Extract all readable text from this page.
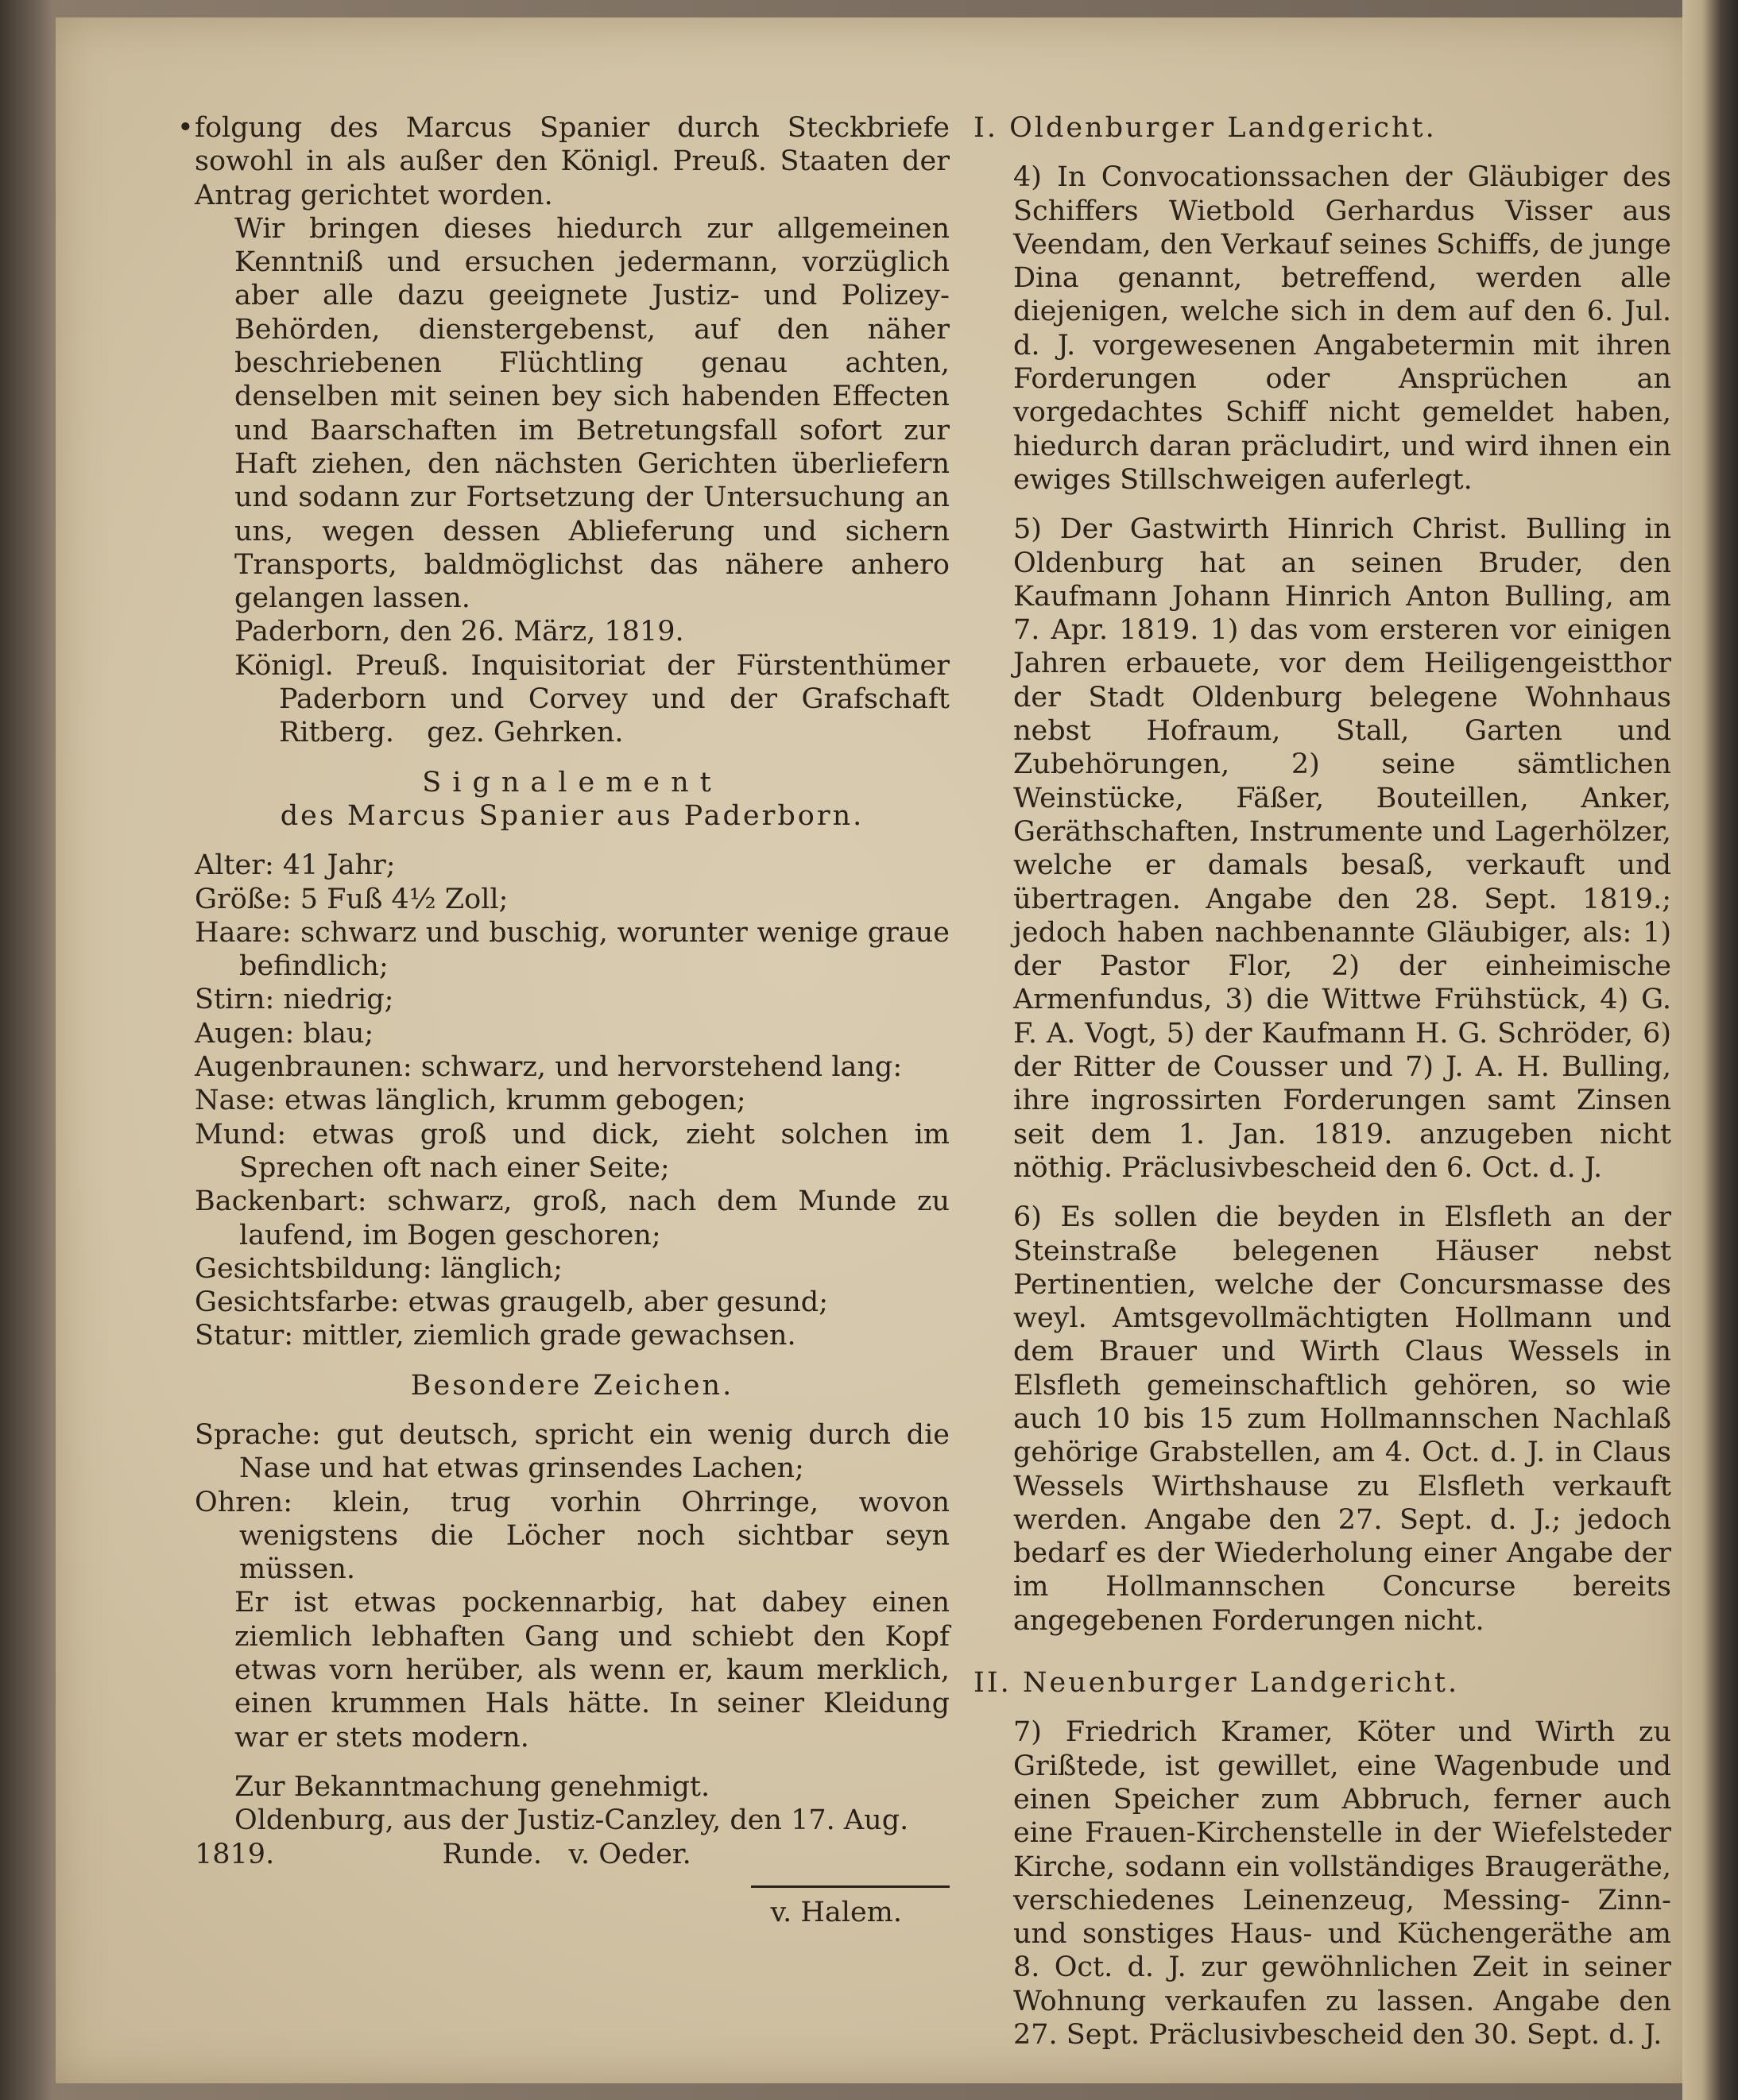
• folgung des Marcus Spanier durch Steckbriefe sowohl in als außer den Königl. Preuß. Staaten der Antrag gerichtet worden.

Wir bringen dieses hiedurch zur allgemeinen Kenntniß und ersuchen jedermann, vorzüglich aber alle dazu geeignete Justiz- und Polizey-Behörden, dienstergebenst, auf den näher beschriebenen Flüchtling genau achten, denselben mit seinen bey sich habenden Effecten und Baarschaften im Betretungsfall sofort zur Haft ziehen, den nächsten Gerichten überliefern und sodann zur Fortsetzung der Untersuchung an uns, wegen dessen Ablieferung und sichern Transports, baldmöglichst das nähere anhero gelangen lassen.

Paderborn, den 26. März, 1819.

Königl. Preuß. Inquisitoriat der Fürstenthümer Paderborn und Corvey und der Grafschaft Ritberg. gez. Gehrken.

Signalement

des Marcus Spanier aus Paderborn.

Alter: 41 Jahr;

Größe: 5 Fuß 4½ Zoll;

Haare: schwarz und buschig, worunter wenige graue befindlich;

Stirn: niedrig;

Augen: blau;

Augenbraunen: schwarz, und hervorstehend lang:

Nase: etwas länglich, krumm gebogen;

Mund: etwas groß und dick, zieht solchen im Sprechen oft nach einer Seite;

Backenbart: schwarz, groß, nach dem Munde zu laufend, im Bogen geschoren;

Gesichtsbildung: länglich;

Gesichtsfarbe: etwas graugelb, aber gesund;

Statur: mittler, ziemlich grade gewachsen.

Besondere Zeichen.

Sprache: gut deutsch, spricht ein wenig durch die Nase und hat etwas grinsendes Lachen;

Ohren: klein, trug vorhin Ohrringe, wovon wenigstens die Löcher noch sichtbar seyn müssen.

Er ist etwas pockennarbig, hat dabey einen ziemlich lebhaften Gang und schiebt den Kopf etwas vorn herüber, als wenn er, kaum merklich, einen krummen Hals hätte. In seiner Kleidung war er stets modern.

Zur Bekanntmachung genehmigt.

Oldenburg, aus der Justiz-Canzley, den 17. Aug.

1819.	Runde.   v. Oeder.

v. Halem.

I. Oldenburger Landgericht.

4) In Convocationssachen der Gläubiger des Schiffers Wietbold Gerhardus Visser aus Veendam, den Verkauf seines Schiffs, de junge Dina genannt, betreffend, werden alle diejenigen, welche sich in dem auf den 6. Jul. d. J. vorgewesenen Angabetermin mit ihren Forderungen oder Ansprüchen an vorgedachtes Schiff nicht gemeldet haben, hiedurch daran präcludirt, und wird ihnen ein ewiges Stillschweigen auferlegt.

5) Der Gastwirth Hinrich Christ. Bulling in Oldenburg hat an seinen Bruder, den Kaufmann Johann Hinrich Anton Bulling, am 7. Apr. 1819. 1) das vom ersteren vor einigen Jahren erbauete, vor dem Heiligengeistthor der Stadt Oldenburg belegene Wohnhaus nebst Hofraum, Stall, Garten und Zubehörungen, 2) seine sämtlichen Weinstücke, Fäßer, Bouteillen, Anker, Geräthschaften, Instrumente und Lagerhölzer, welche er damals besaß, verkauft und übertragen. Angabe den 28. Sept. 1819.; jedoch haben nachbenannte Gläubiger, als: 1) der Pastor Flor, 2) der einheimische Armenfundus, 3) die Wittwe Frühstück, 4) G. F. A. Vogt, 5) der Kaufmann H. G. Schröder, 6) der Ritter de Cousser und 7) J. A. H. Bulling, ihre ingrossirten Forderungen samt Zinsen seit dem 1. Jan. 1819. anzugeben nicht nöthig. Präclusivbescheid den 6. Oct. d. J.

6) Es sollen die beyden in Elsfleth an der Steinstraße belegenen Häuser nebst Pertinentien, welche der Concursmasse des weyl. Amtsgevollmächtigten Hollmann und dem Brauer und Wirth Claus Wessels in Elsfleth gemeinschaftlich gehören, so wie auch 10 bis 15 zum Hollmannschen Nachlaß gehörige Grabstellen, am 4. Oct. d. J. in Claus Wessels Wirthshause zu Elsfleth verkauft werden. Angabe den 27. Sept. d. J.; jedoch bedarf es der Wiederholung einer Angabe der im Hollmannschen Concurse bereits angegebenen Forderungen nicht.

II. Neuenburger Landgericht.

7) Friedrich Kramer, Köter und Wirth zu Grißtede, ist gewillet, eine Wagenbude und einen Speicher zum Abbruch, ferner auch eine Frauen-Kirchenstelle in der Wiefelsteder Kirche, sodann ein vollständiges Braugeräthe, verschiedenes Leinenzeug, Messing- Zinn- und sonstiges Haus- und Küchengeräthe am 8. Oct. d. J. zur gewöhnlichen Zeit in seiner Wohnung verkaufen zu lassen. Angabe den 27. Sept. Präclusivbescheid den 30. Sept. d. J.
